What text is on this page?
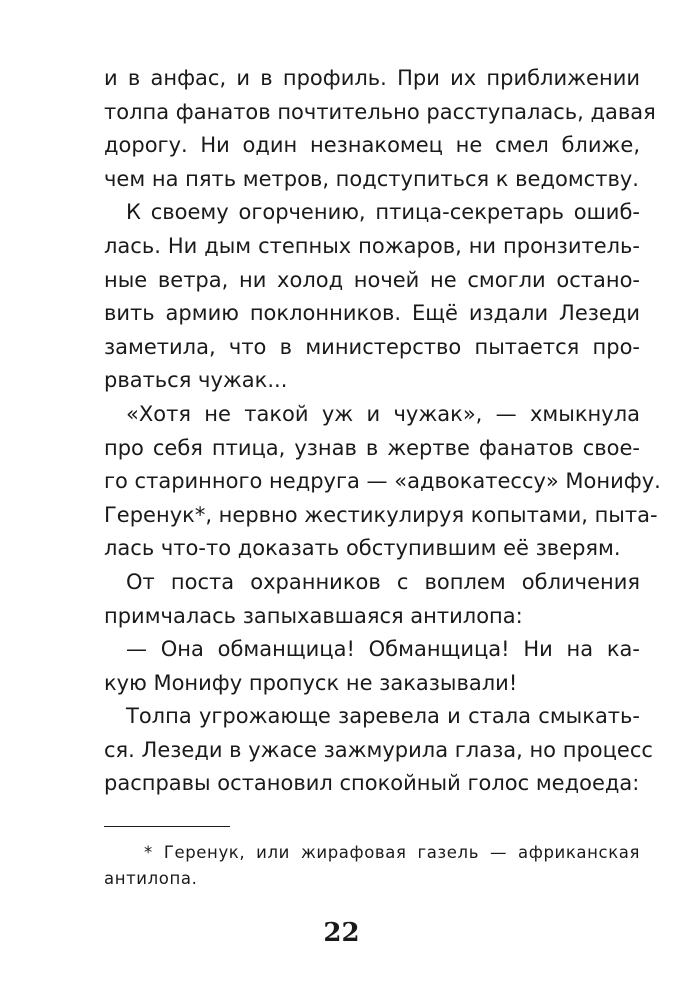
и в анфас, и в профиль. При их приближении
толпа фанатов почтительно расступалась, давая
дорогу. Ни один незнакомец не смел ближе,
чем на пять метров, подступиться к ведомству.
К своему огорчению, птица-секретарь ошиб-
лась. Ни дым степных пожаров, ни пронзитель-
ные ветра, ни холод ночей не смогли остано-
вить армию поклонников. Ещё издали Лезеди
заметила, что в министерство пытается про-
рваться чужак...
«Хотя не такой уж и чужак», — хмыкнула
про себя птица, узнав в жертве фанатов свое-
го старинного недруга — «адвокатессу» Монифу.
Геренук*, нервно жестикулируя копытами, пыта-
лась что-то доказать обступившим её зверям.
От поста охранников с воплем обличения
примчалась запыхавшаяся антилопа:
— Она обманщица! Обманщица! Ни на ка-
кую Монифу пропуск не заказывали!
Толпа угрожающе заревела и стала смыкать-
ся. Лезеди в ужасе зажмурила глаза, но процесс
расправы остановил спокойный голос медоеда:
* Геренук, или жирафовая газель — африканская
антилопа.
22
